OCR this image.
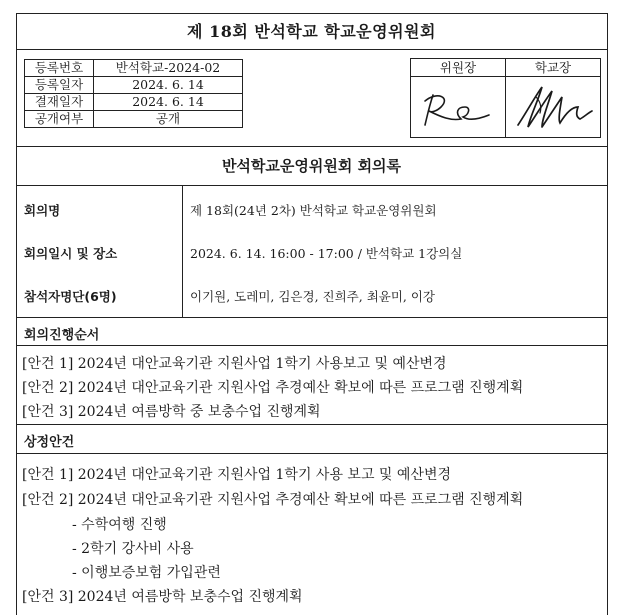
제 18회 반석학교 학교운영위원회
등록번호	반석학교-2024-02
등록일자	2024. 6. 14
결재일자	2024. 6. 14
공개여부	공개
위원장	학교장
반석학교운영위원회 회의록
회의명	제 18회(24년 2차) 반석학교 학교운영위원회
회의일시 및 장소	2024. 6. 14. 16:00 - 17:00 / 반석학교 1강의실
참석자명단(6명)	이기원, 도레미, 김은경, 진희주, 최윤미, 이강
회의진행순서
[안건 1] 2024년 대안교육기관 지원사업 1학기 사용보고 및 예산변경
[안건 2] 2024년 대안교육기관 지원사업 추경예산 확보에 따른 프로그램 진행계획
[안건 3] 2024년 여름방학 중 보충수업 진행계획
상정안건
[안건 1] 2024년 대안교육기관 지원사업 1학기 사용 보고 및 예산변경
[안건 2] 2024년 대안교육기관 지원사업 추경예산 확보에 따른 프로그램 진행계획
- 수학여행 진행
- 2학기 강사비 사용
- 이행보증보험 가입관련
[안건 3] 2024년 여름방학 보충수업 진행계획
